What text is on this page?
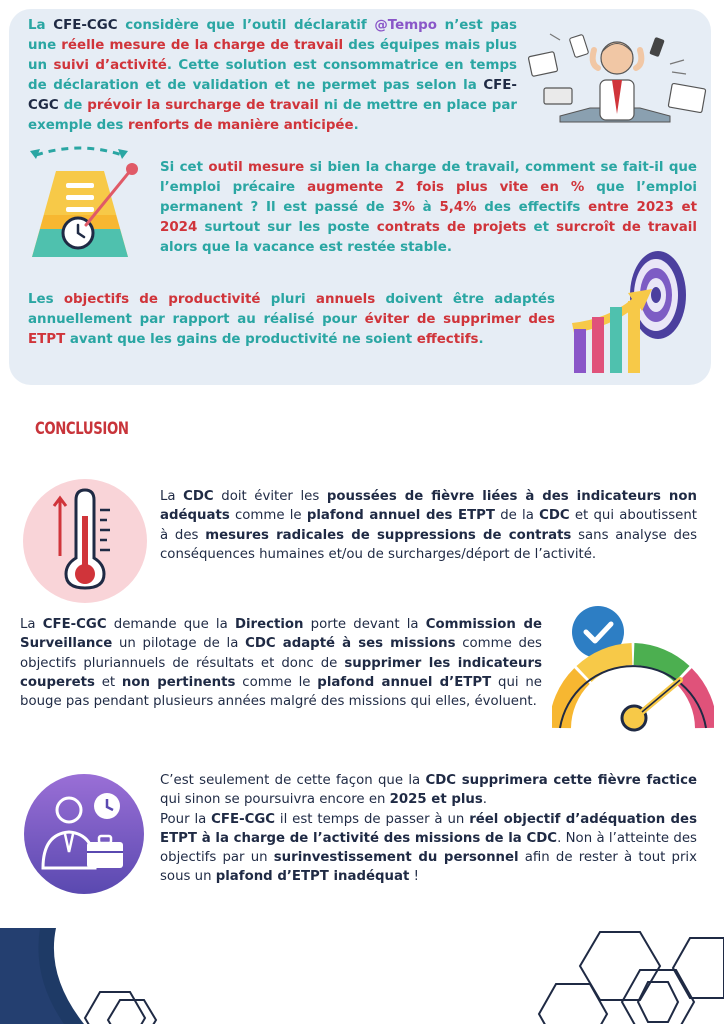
La CFE-CGC considère que l’outil déclaratif @Tempo n’est pas une réelle mesure de la charge de travail des équipes mais plus un suivi d’activité. Cette solution est consommatrice en temps de déclaration et de validation et ne permet pas selon la CFE-CGC de prévoir la surcharge de travail ni de mettre en place par exemple des renforts de manière anticipée.

Si cet outil mesure si bien la charge de travail, comment se fait-il que l’emploi précaire augmente 2 fois plus vite en % que l’emploi permanent ? Il est passé de 3% à 5,4% des effectifs entre 2023 et 2024 surtout sur les poste contrats de projets et surcroît de travail alors que la vacance est restée stable.

Les objectifs de productivité pluri annuels doivent être adaptés annuellement par rapport au réalisé pour éviter de supprimer des ETPT avant que les gains de productivité ne soient effectifs.

CONCLUSION

La CDC doit éviter les poussées de fièvre liées à des indicateurs non adéquats comme le plafond annuel des ETPT de la CDC et qui aboutissent à des mesures radicales de suppressions de contrats sans analyse des conséquences humaines et/ou de surcharges/déport de l’activité.

La CFE-CGC demande que la Direction porte devant la Commission de Surveillance un pilotage de la CDC adapté à ses missions comme des objectifs pluriannuels de résultats et donc de supprimer les indicateurs couperets et non pertinents comme le plafond annuel d’ETPT qui ne bouge pas pendant plusieurs années malgré des missions qui elles, évoluent.

C’est seulement de cette façon que la CDC supprimera cette fièvre factice qui sinon se poursuivra encore en 2025 et plus.
Pour la CFE-CGC il est temps de passer à un réel objectif d’adéquation des ETPT à la charge de l’activité des missions de la CDC. Non à l’atteinte des objectifs par un surinvestissement du personnel afin de rester à tout prix sous un plafond d’ETPT inadéquat !
